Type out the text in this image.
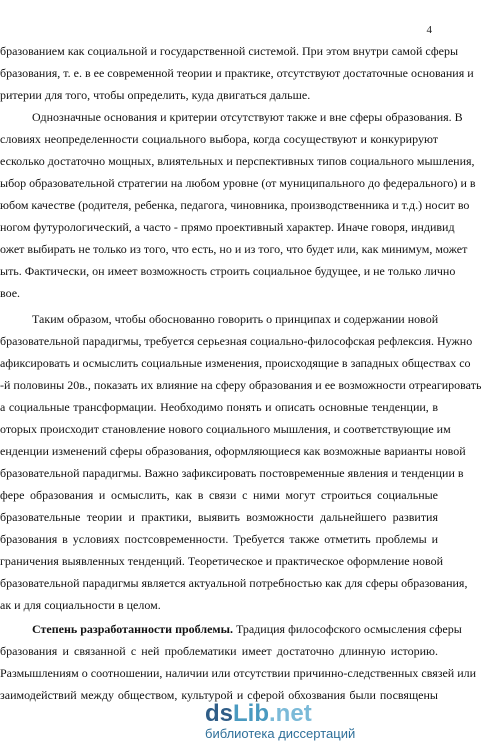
4
бразованием как социальной и государственной системой. При этом внутри самой сферы
бразования, т. е. в ее современной теории и практике, отсутствуют достаточные основания и
ритерии для того, чтобы определить, куда двигаться дальше.
Однозначные основания и критерии отсутствуют также и вне сферы образования. В
словиях неопределенности социального выбора, когда сосуществуют и конкурируют
есколько достаточно мощных, влиятельных и перспективных типов социального мышления,
ыбор образовательной стратегии на любом уровне (от муниципального до федерального) и в
юбом качестве (родителя, ребенка, педагога, чиновника, производственника и т.д.) носит во
ногом футурологический, а часто - прямо проективный характер. Иначе говоря, индивид
ожет выбирать не только из того, что есть, но и из того, что будет или, как минимум, может
ыть. Фактически, он имеет возможность строить социальное будущее, и не только лично
вое.
Таким образом, чтобы обоснованно говорить о принципах и содержании новой
бразовательной парадигмы, требуется серьезная социально-философская рефлексия. Нужно
афиксировать и осмыслить социальные изменения, происходящие в западных обществах со
-й половины 20в., показать их влияние на сферу образования и ее возможности отреагировать
а социальные трансформации. Необходимо понять и описать основные тенденции, в
оторых происходит становление нового социального мышления, и соответствующие им
енденции изменений сферы образования, оформляющиеся как возможные варианты новой
бразовательной парадигмы. Важно зафиксировать постовременные явления и тенденции в
фере образования и осмыслить, как в связи с ними могут строиться социальные
бразовательные теории и практики, выявить возможности дальнейшего развития
бразования в условиях постсовременности. Требуется также отметить проблемы и
граничения выявленных тенденций. Теоретическое и практическое оформление новой
бразовательной парадигмы является актуальной потребностью как для сферы образования,
ак и для социальности в целом.
Степень разработанности проблемы. Традиция философского осмысления сферы
бразования и связанной с ней проблематики имеет достаточно длинную историю.
Размышлениям о соотношении, наличии или отсутствии причинно-следственных связей или
заимодействий между обществом, культурой и сферой обхозвания были посвящены
dsLib.net
библиотека диссертаций
